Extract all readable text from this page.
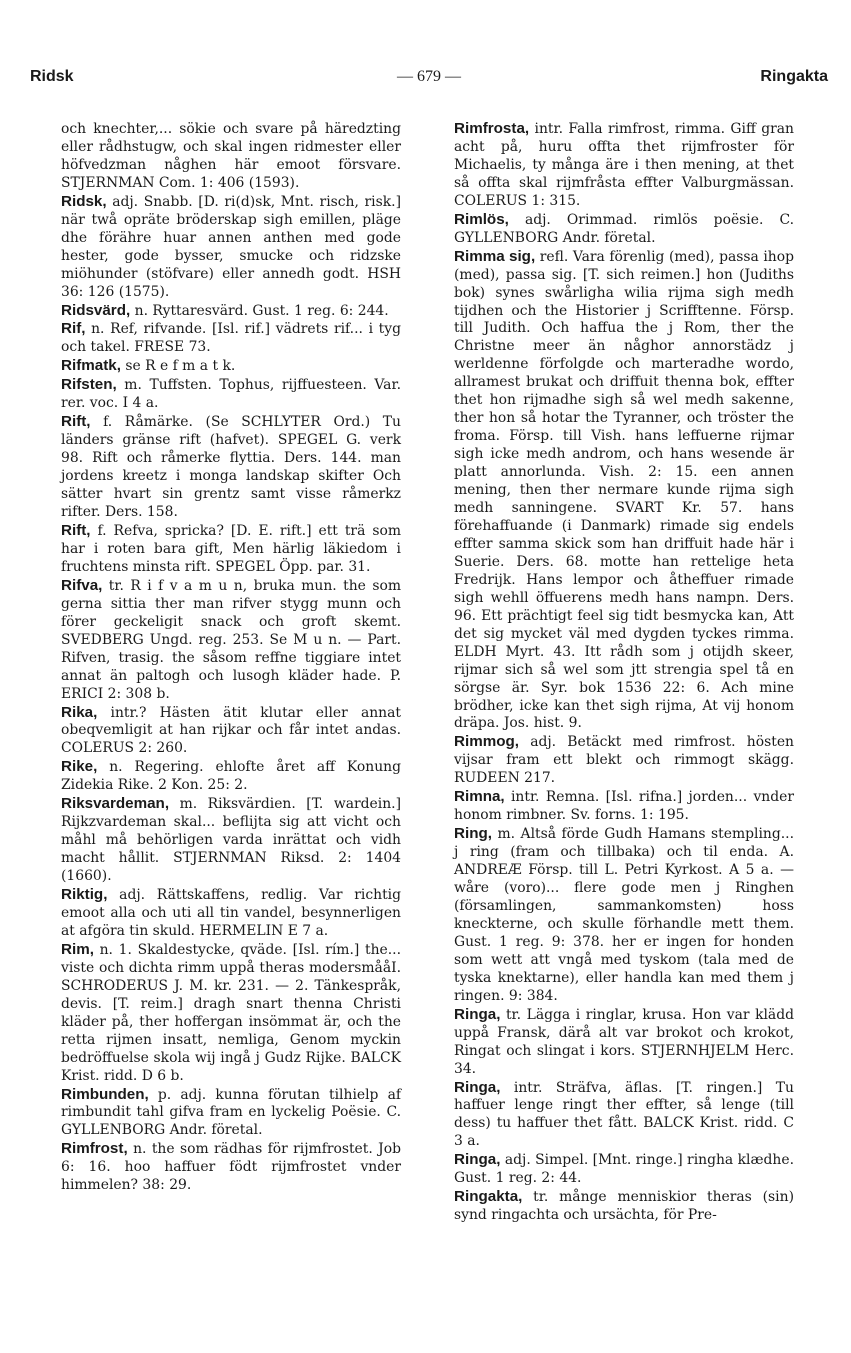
Ridsk	— 679 —	Ringakta

och knechter,... sökie och svare på häredzting eller rådhstugw, och skal ingen ridmester eller höfvedzman någhen här emoot försvare. STJERNMAN Com. 1: 406 (1593).

Ridsk, adj. Snabb. [D. ri(d)sk, Mnt. risch, risk.] när twå opräte bröderskap sigh emillen, pläge dhe förähre huar annen anthen med gode hester, gode bysser, smucke och ridzske miöhunder (stöfvare) eller annedh godt. HSH 36: 126 (1575).

Ridsvärd, n. Ryttaresvärd. Gust. 1 reg. 6: 244.

Rif, n. Ref, rifvande. [Isl. rif.] vädrets rif... i tyg och takel. FRESE 73.

Rifmatk, se R e f m a t k.

Rifsten, m. Tuffsten. Tophus, rijffuesteen. Var. rer. voc. I 4 a.

Rift, f. Råmärke. (Se SCHLYTER Ord.) Tu länders gränse rift (hafvet). SPEGEL G. verk 98. Rift och råmerke flyttia. Ders. 144. man jordens kreetz i monga landskap skifter Och sätter hvart sin grentz samt visse råmerkz rifter. Ders. 158.

Rift, f. Refva, spricka? [D. E. rift.] ett trä som har i roten bara gift, Men härlig läkiedom i fruchtens minsta rift. SPEGEL Öpp. par. 31.

Rifva, tr. R i f v a m u n, bruka mun. the som gerna sittia ther man rifver stygg munn och förer geckeligit snack och groft skemt. SVEDBERG Ungd. reg. 253. Se M u n. — Part. Rifven, trasig. the såsom reffne tiggiare intet annat än paltogh och lusogh kläder hade. P. ERICI 2: 308 b.

Rika, intr.? Hästen ätit klutar eller annat obeqvemligit at han rijkar och får intet andas. COLERUS 2: 260.

Rike, n. Regering. ehlofte året aff Konung Zidekia Rike. 2 Kon. 25: 2.

Riksvardeman, m. Riksvärdien. [T. wardein.] Rijkzvardeman skal... beflijta sig att vicht och måhl må behörligen varda inrättat och vidh macht hållit. STJERNMAN Riksd. 2: 1404 (1660).

Riktig, adj. Rättskaffens, redlig. Var richtig emoot alla och uti all tin vandel, besynnerligen at afgöra tin skuld. HERMELIN E 7 a.

Rim, n. 1. Skaldestycke, qväde. [Isl. rím.] the... viste och dichta rimm uppå theras modersmååI. SCHRODERUS J. M. kr. 231. — 2. Tänkespråk, devis. [T. reim.] dragh snart thenna Christi kläder på, ther hoffergan insömmat är, och the retta rijmen insatt, nemliga, Genom myckin bedröffuelse skola wij ingå j Gudz Rijke. BALCK Krist. ridd. D 6 b.

Rimbunden, p. adj. kunna förutan tilhielp af rimbundit tahl gifva fram en lyckelig Poësie. C. GYLLENBORG Andr. företal.

Rimfrost, n. the som rädhas för rijmfrostet. Job 6: 16. hoo haffuer födt rijmfrostet vnder himmelen? 38: 29.

Rimfrosta, intr. Falla rimfrost, rimma. Giff gran acht på, huru offta thet rijmfroster för Michaelis, ty många äre i then mening, at thet så offta skal rijmfråsta effter Valburgmässan. COLERUS 1: 315.

Rimlös, adj. Orimmad. rimlös poësie. C. GYLLENBORG Andr. företal.

Rimma sig, refl. Vara förenlig (med), passa ihop (med), passa sig. [T. sich reimen.] hon (Judiths bok) synes swårligha wilia rijma sigh medh tijdhen och the Historier j Scrifftenne. Försp. till Judith. Och haffua the j Rom, ther the Christne meer än någhor annorstädz j werldenne förfolgde och marteradhe wordo, allramest brukat och driffuit thenna bok, effter thet hon rijmadhe sigh så wel medh sakenne, ther hon så hotar the Tyranner, och tröster the froma. Försp. till Vish. hans leffuerne rijmar sigh icke medh androm, och hans wesende är platt annorlunda. Vish. 2: 15. een annen mening, then ther nermare kunde rijma sigh medh sanningene. SVART Kr. 57. hans förehaffuande (i Danmark) rimade sig endels effter samma skick som han driffuit hade här i Suerie. Ders. 68. motte han rettelige heta Fredrijk. Hans lempor och åtheffuer rimade sigh wehll öffuerens medh hans nampn. Ders. 96. Ett prächtigt feel sig tidt besmycka kan, Att det sig mycket väl med dygden tyckes rimma. ELDH Myrt. 43. Itt rådh som j otijdh skeer, rijmar sich så wel som jtt strengia spel tå en sörgse är. Syr. bok 1536 22: 6. Ach mine brödher, icke kan thet sigh rijma, At vij honom dräpa. Jos. hist. 9.

Rimmog, adj. Betäckt med rimfrost. hösten vijsar fram ett blekt och rimmogt skägg. RUDEEN 217.

Rimna, intr. Remna. [Isl. rifna.] jorden... vnder honom rimbner. Sv. forns. 1: 195.

Ring, m. Altså förde Gudh Hamans stempling... j ring (fram och tillbaka) och til enda. A. ANDREÆ Försp. till L. Petri Kyrkost. A 5 a. — wåre (voro)... flere gode men j Ringhen (församlingen, sammankomsten) hoss kneckterne, och skulle förhandle mett them. Gust. 1 reg. 9: 378. her er ingen for honden som wett att vngå med tyskom (tala med de tyska knektarne), eller handla kan med them j ringen. 9: 384.

Ringa, tr. Lägga i ringlar, krusa. Hon var klädd uppå Fransk, därå alt var brokot och krokot, Ringat och slingat i kors. STJERNHJELM Herc. 34.

Ringa, intr. Sträfva, äflas. [T. ringen.] Tu haffuer lenge ringt ther effter, så lenge (till dess) tu haffuer thet fått. BALCK Krist. ridd. C 3 a.

Ringa, adj. Simpel. [Mnt. ringe.] ringha klædhe. Gust. 1 reg. 2: 44.

Ringakta, tr. månge menniskior theras (sin) synd ringachta och ursächta, för Pre-
